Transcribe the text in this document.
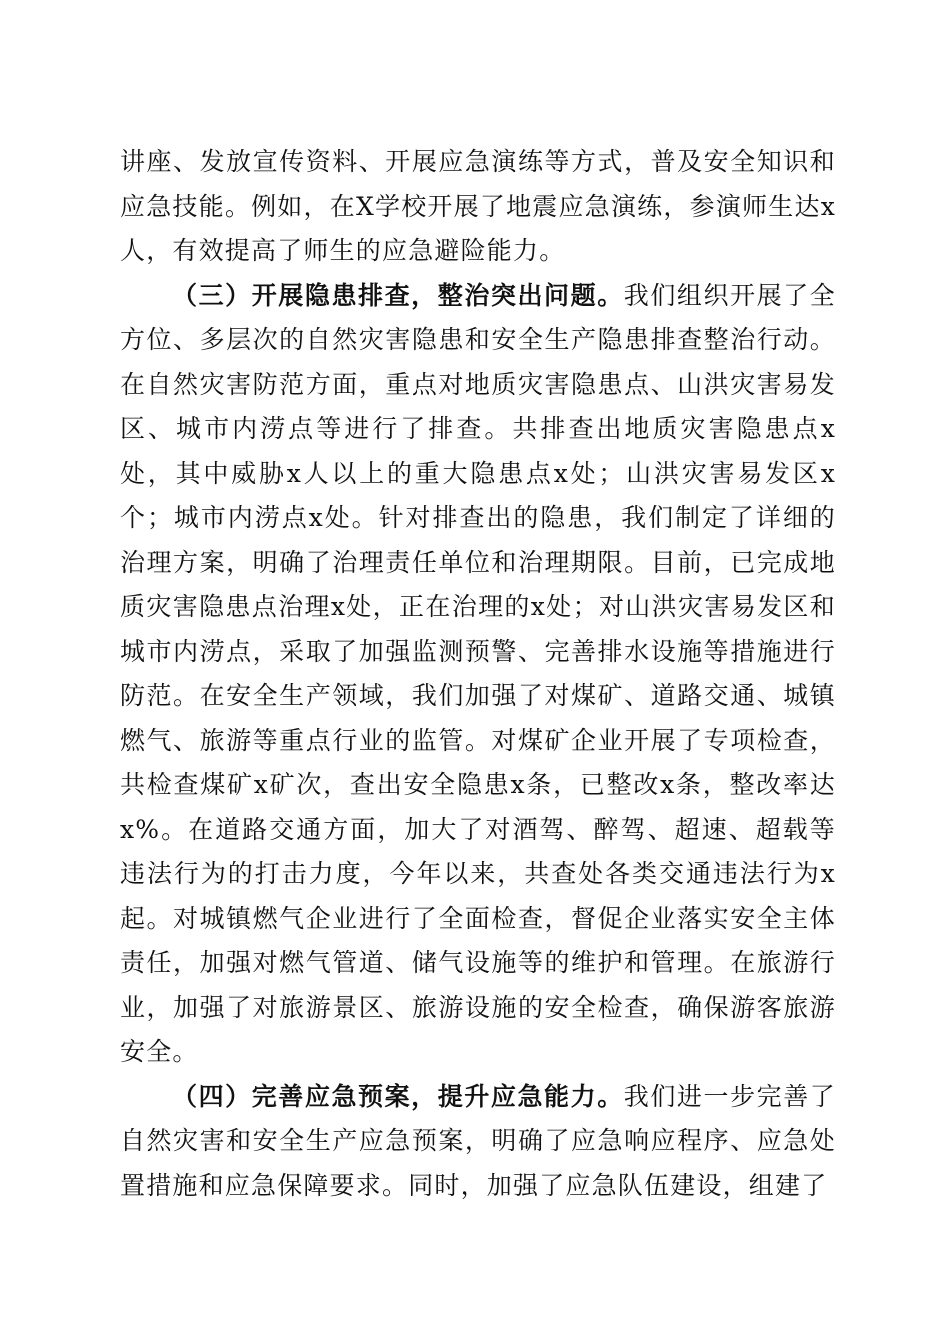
讲座、发放宣传资料、开展应急演练等方式，普及安全知识和应急技能。例如，在X学校开展了地震应急演练，参演师生达x人，有效提高了师生的应急避险能力。

（三）开展隐患排查，整治突出问题。我们组织开展了全方位、多层次的自然灾害隐患和安全生产隐患排查整治行动。在自然灾害防范方面，重点对地质灾害隐患点、山洪灾害易发区、城市内涝点等进行了排查。共排查出地质灾害隐患点x处，其中威胁x人以上的重大隐患点x处；山洪灾害易发区x个；城市内涝点x处。针对排查出的隐患，我们制定了详细的治理方案，明确了治理责任单位和治理期限。目前，已完成地质灾害隐患点治理x处，正在治理的x处；对山洪灾害易发区和城市内涝点，采取了加强监测预警、完善排水设施等措施进行防范。在安全生产领域，我们加强了对煤矿、道路交通、城镇燃气、旅游等重点行业的监管。对煤矿企业开展了专项检查，共检查煤矿x矿次，查出安全隐患x条，已整改x条，整改率达x%。在道路交通方面，加大了对酒驾、醉驾、超速、超载等违法行为的打击力度，今年以来，共查处各类交通违法行为x起。对城镇燃气企业进行了全面检查，督促企业落实安全主体责任，加强对燃气管道、储气设施等的维护和管理。在旅游行业，加强了对旅游景区、旅游设施的安全检查，确保游客旅游安全。

（四）完善应急预案，提升应急能力。我们进一步完善了自然灾害和安全生产应急预案，明确了应急响应程序、应急处置措施和应急保障要求。同时，加强了应急队伍建设，组建了
